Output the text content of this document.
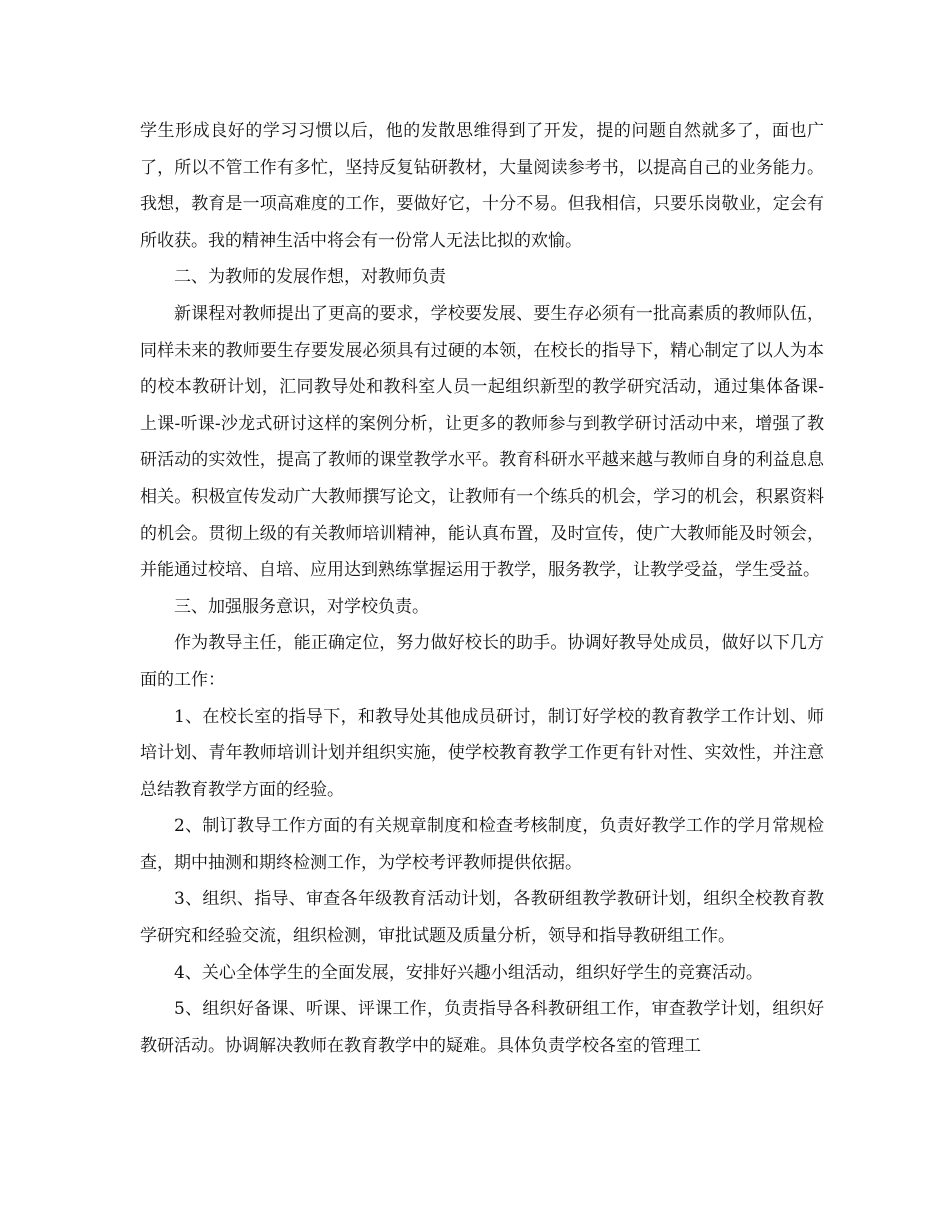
学生形成良好的学习习惯以后，他的发散思维得到了开发，提的问题自然就多了，面也广了，所以不管工作有多忙，坚持反复钻研教材，大量阅读参考书，以提高自己的业务能力。我想，教育是一项高难度的工作，要做好它，十分不易。但我相信，只要乐岗敬业，定会有所收获。我的精神生活中将会有一份常人无法比拟的欢愉。

二、为教师的发展作想，对教师负责

新课程对教师提出了更高的要求，学校要发展、要生存必须有一批高素质的教师队伍，同样未来的教师要生存要发展必须具有过硬的本领，在校长的指导下，精心制定了以人为本的校本教研计划，汇同教导处和教科室人员一起组织新型的教学研究活动，通过集体备课-上课-听课-沙龙式研讨这样的案例分析，让更多的教师参与到教学研讨活动中来，增强了教研活动的实效性，提高了教师的课堂教学水平。教育科研水平越来越与教师自身的利益息息相关。积极宣传发动广大教师撰写论文，让教师有一个练兵的机会，学习的机会，积累资料的机会。贯彻上级的有关教师培训精神，能认真布置，及时宣传，使广大教师能及时领会，并能通过校培、自培、应用达到熟练掌握运用于教学，服务教学，让教学受益，学生受益。

三、加强服务意识，对学校负责。

作为教导主任，能正确定位，努力做好校长的助手。协调好教导处成员，做好以下几方面的工作：

1、在校长室的指导下，和教导处其他成员研讨，制订好学校的教育教学工作计划、师培计划、青年教师培训计划并组织实施，使学校教育教学工作更有针对性、实效性，并注意总结教育教学方面的经验。

2、制订教导工作方面的有关规章制度和检查考核制度，负责好教学工作的学月常规检查，期中抽测和期终检测工作，为学校考评教师提供依据。

3、组织、指导、审查各年级教育活动计划，各教研组教学教研计划，组织全校教育教学研究和经验交流，组织检测，审批试题及质量分析，领导和指导教研组工作。

4、关心全体学生的全面发展，安排好兴趣小组活动，组织好学生的竞赛活动。

5、组织好备课、听课、评课工作，负责指导各科教研组工作，审查教学计划，组织好教研活动。协调解决教师在教育教学中的疑难。具体负责学校各室的管理工
